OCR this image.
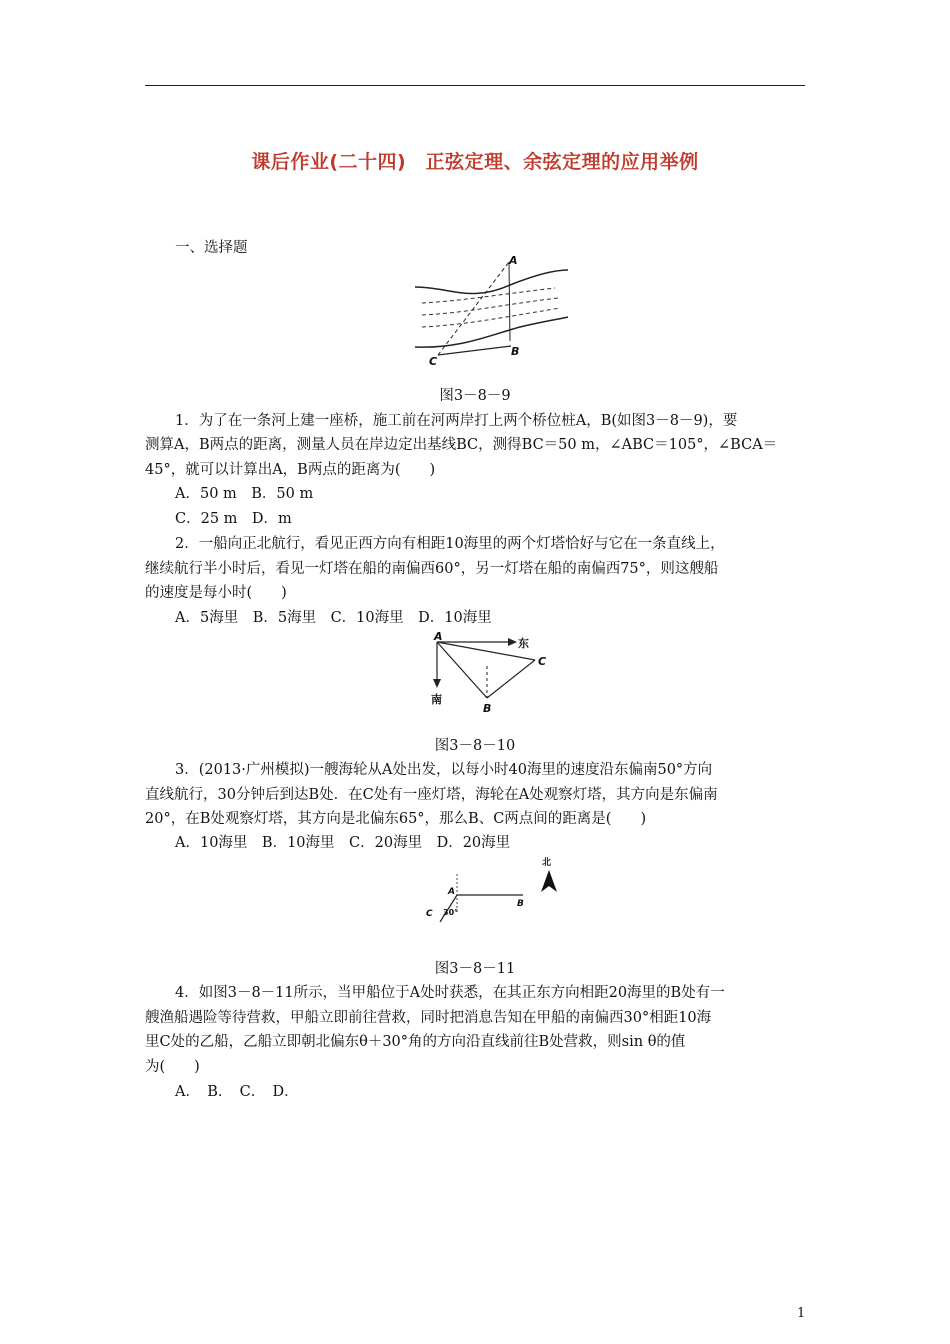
课后作业(二十四)　正弦定理、余弦定理的应用举例
一、选择题
A
B
C
图3－8－9
1．为了在一条河上建一座桥，施工前在河两岸打上两个桥位桩A，B(如图3－8－9)，要
测算A，B两点的距离，测量人员在岸边定出基线BC，测得BC＝50 m，∠ABC＝105°，∠BCA＝
45°，就可以计算出A，B两点的距离为(　　)
A．50 m　B．50 m
C．25 m　D．m
2．一船向正北航行，看见正西方向有相距10海里的两个灯塔恰好与它在一条直线上，
继续航行半小时后，看见一灯塔在船的南偏西60°，另一灯塔在船的南偏西75°，则这艘船
的速度是每小时(　　)
A．5海里　B．5海里　C．10海里　D．10海里
A
东
C
南
B
图3－8－10
3．(2013·广州模拟)一艘海轮从A处出发，以每小时40海里的速度沿东偏南50°方向
直线航行，30分钟后到达B处．在C处有一座灯塔，海轮在A处观察灯塔，其方向是东偏南
20°，在B处观察灯塔，其方向是北偏东65°，那么B、C两点间的距离是(　　)
A．10海里　B．10海里　C．20海里　D．20海里
北
A
B
C 30°
图3－8－11
4．如图3－8－11所示，当甲船位于A处时获悉，在其正东方向相距20海里的B处有一
艘渔船遇险等待营救，甲船立即前往营救，同时把消息告知在甲船的南偏西30°相距10海
里C处的乙船，乙船立即朝北偏东θ＋30°角的方向沿直线前往B处营救，则sin θ的值
为(　　)
A．　B．　C．　D．
1
